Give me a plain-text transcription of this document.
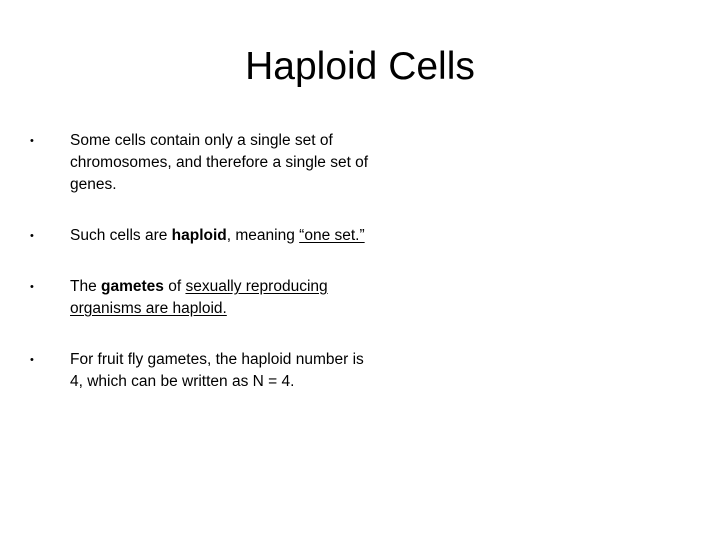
Haploid Cells
• Some cells contain only a single set of chromosomes, and therefore a single set of genes.
• Such cells are haploid, meaning “one set.”
• The gametes of sexually reproducing organisms are haploid.
• For fruit fly gametes, the haploid number is 4, which can be written as N = 4.
